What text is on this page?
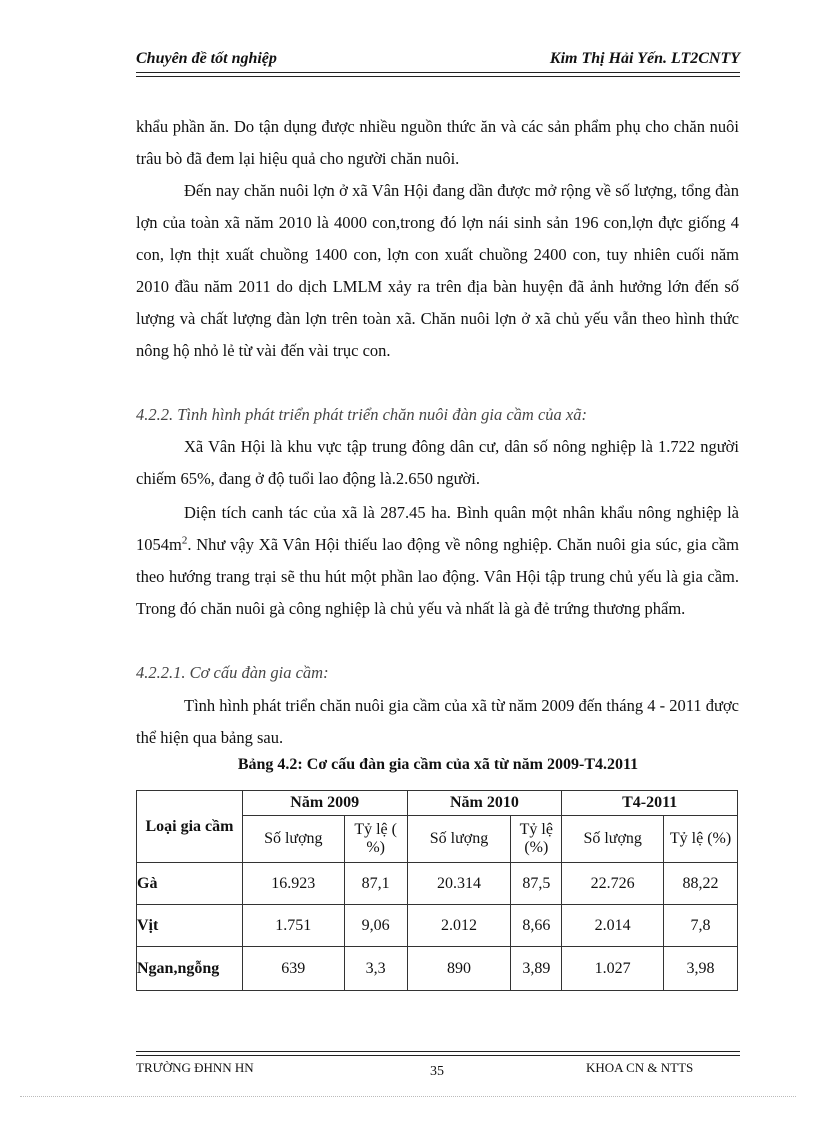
Chuyên đề tốt nghiệp	Kim Thị Hải Yến. LT2CNTY

khẩu phần ăn. Do tận dụng được nhiều nguồn thức ăn và các sản phẩm phụ cho chăn nuôi trâu bò đã đem lại hiệu quả cho người chăn nuôi.

Đến nay chăn nuôi lợn ở xã Vân Hội đang dần được mở rộng về số lượng, tổng đàn lợn của toàn xã năm 2010 là 4000 con,trong đó lợn nái sinh sản 196 con,lợn đực giống 4 con, lợn thịt xuất chuồng 1400 con, lợn con xuất chuồng 2400 con, tuy nhiên cuối năm 2010 đầu năm 2011 do dịch LMLM xảy ra trên địa bàn huyện đã ảnh hưởng lớn đến số lượng và chất lượng đàn lợn trên toàn xã. Chăn nuôi lợn ở xã chủ yếu vẫn theo hình thức nông hộ nhỏ lẻ từ vài đến vài trục con.

4.2.2. Tình hình phát triển phát triển chăn nuôi đàn gia cầm của xã:

Xã Vân Hội là khu vực tập trung đông dân cư, dân số nông nghiệp là 1.722 người chiếm 65%, đang ở độ tuổi lao động là.2.650 người.

Diện tích canh tác của xã là 287.45 ha. Bình quân một nhân khẩu nông nghiệp là $1054m^2$. Như vậy Xã Vân Hội thiếu lao động về nông nghiệp. Chăn nuôi gia súc, gia cầm theo hướng trang trại sẽ thu hút một phần lao động. Vân Hội tập trung chủ yếu là gia cầm. Trong đó chăn nuôi gà công nghiệp là chủ yếu và nhất là gà đẻ trứng thương phẩm.

4.2.2.1. Cơ cấu đàn gia cầm:

Tình hình phát triển chăn nuôi gia cầm của xã từ năm 2009 đến tháng 4 - 2011 được thể hiện qua bảng sau.

Bảng 4.2: Cơ cấu đàn gia cầm của xã từ năm 2009-T4.2011
Loại gia cầm	Năm 2009		Năm 2010		T4-2011	
	Số lượng	Tỷ lệ ( %)	Số lượng	Tỷ lệ (%)	Số lượng	Tỷ lệ (%)
Gà	16.923	87,1	20.314	87,5	22.726	88,22
Vịt	1.751	9,06	2.012	8,66	2.014	7,8
Ngan,ngỗng	639	3,3	890	3,89	1.027	3,98
TRƯỜNG ĐHNN HN	35	KHOA CN & NTTS
